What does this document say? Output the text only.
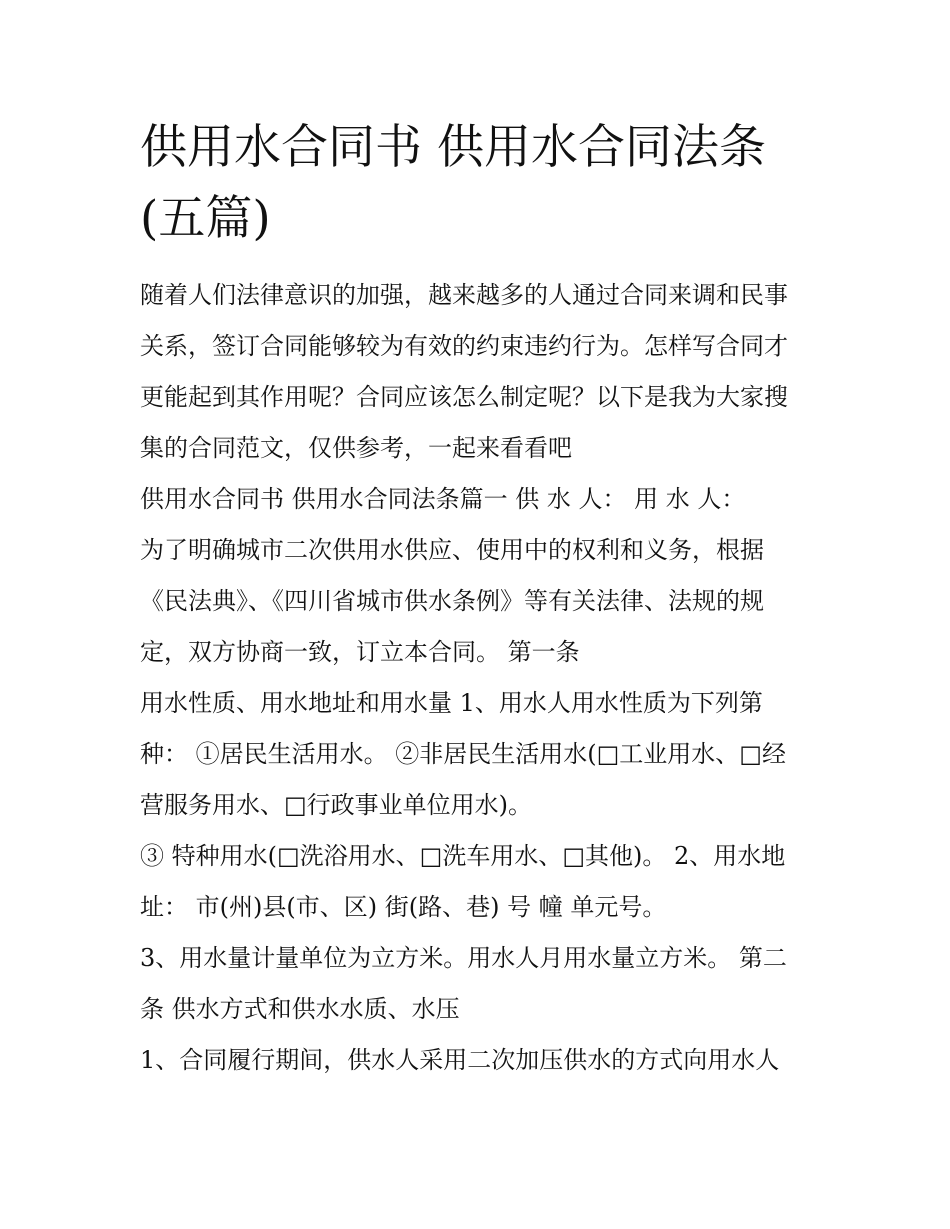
供用水合同书 供用水合同法条
(五篇)
随着人们法律意识的加强，越来越多的人通过合同来调和民事
关系，签订合同能够较为有效的约束违约行为。怎样写合同才
更能起到其作用呢？合同应该怎么制定呢？以下是我为大家搜
集的合同范文，仅供参考，一起来看看吧
供用水合同书 供用水合同法条篇一 供 水 人： 用 水 人：
为了明确城市二次供用水供应、使用中的权利和义务，根据
《民法典》、《四川省城市供水条例》等有关法律、法规的规
定，双方协商一致，订立本合同。 第一条
用水性质、用水地址和用水量 1、用水人用水性质为下列第
种： ①居民生活用水。 ②非居民生活用水(□工业用水、□经
营服务用水、□行政事业单位用水)。
③ 特种用水(□洗浴用水、□洗车用水、□其他)。 2、用水地
址： 市(州)县(市、区) 街(路、巷) 号 幢 单元号。
3、用水量计量单位为立方米。用水人月用水量立方米。 第二
条 供水方式和供水水质、水压
1、合同履行期间，供水人采用二次加压供水的方式向用水人
